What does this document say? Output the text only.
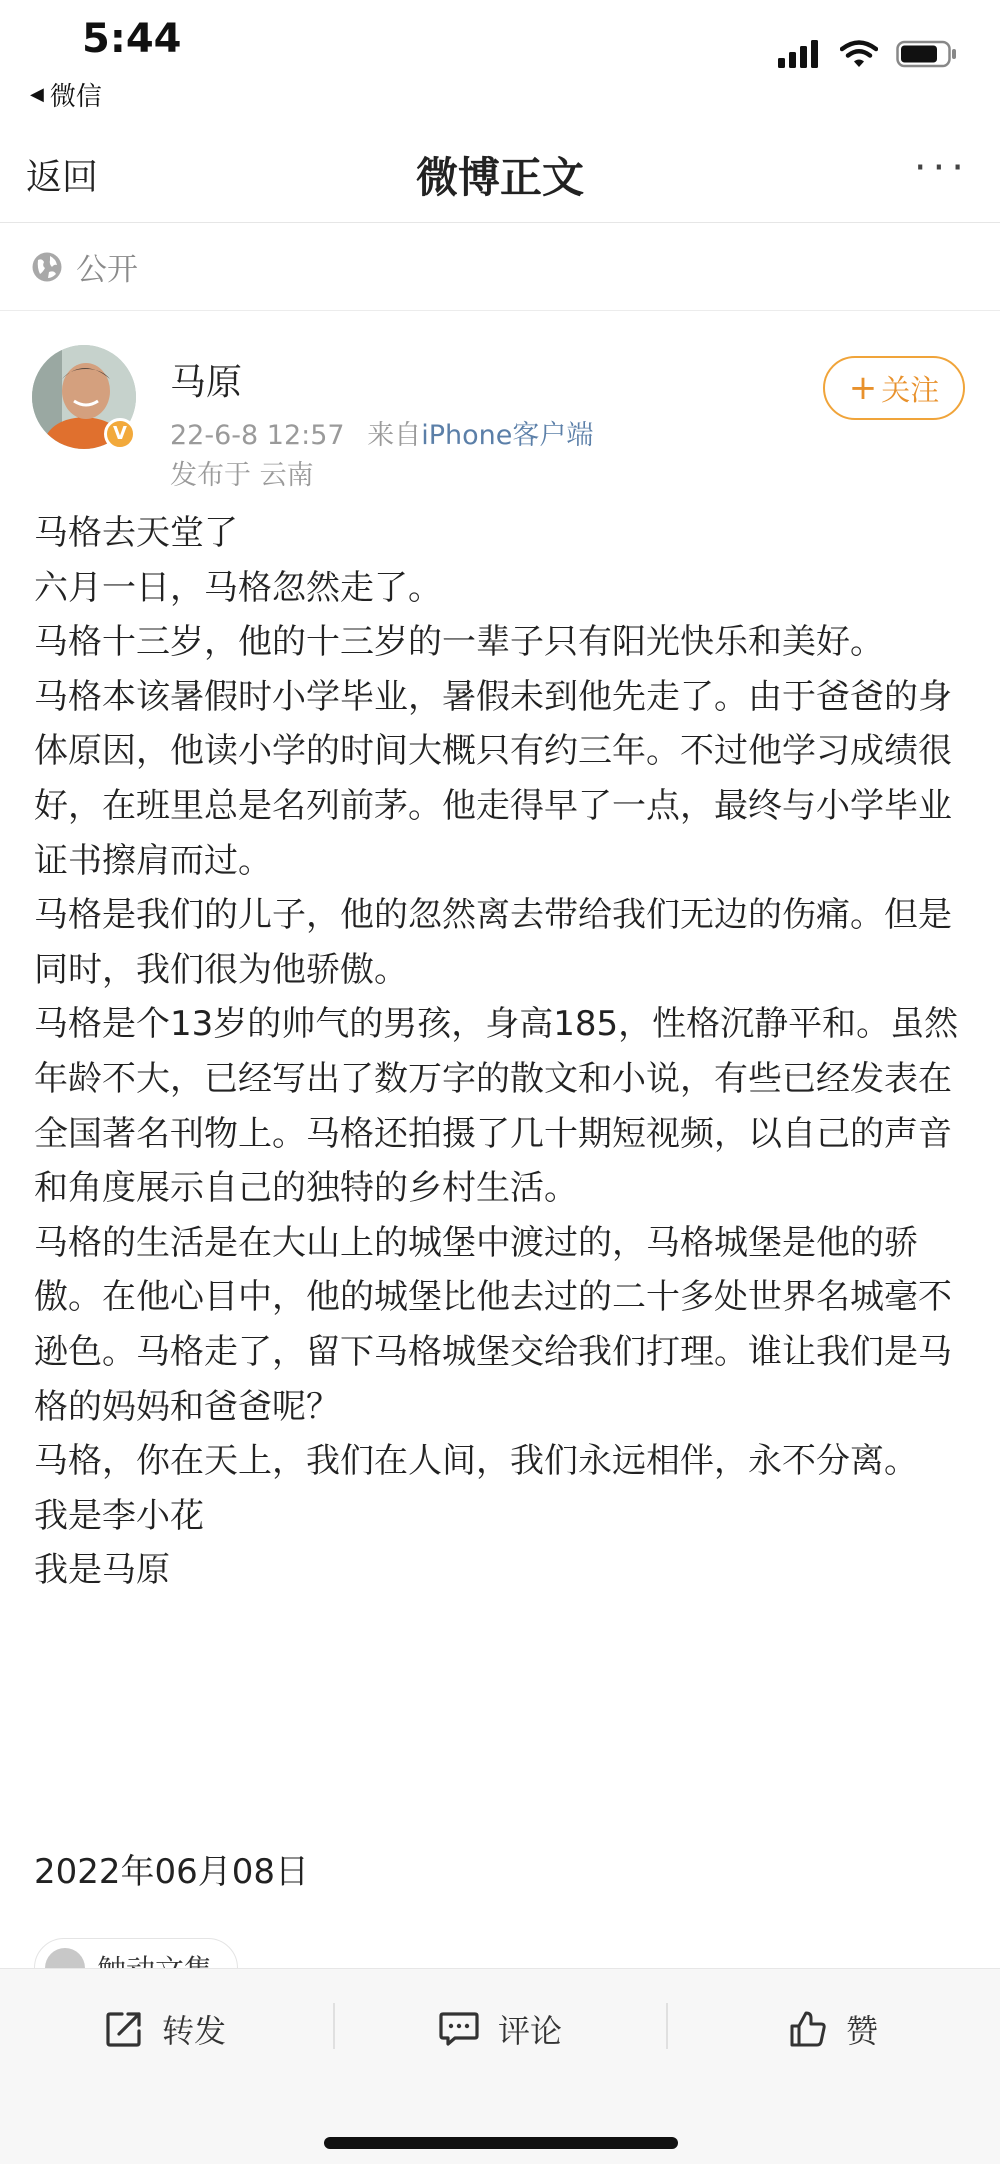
5:44
◀ 微信
返回	微博正文	···
公开
V
马原
22-6-8 12:57 来自iPhone客户端
发布于 云南
+ 关注

马格去天堂了

六月一日，马格忽然走了。

马格十三岁，他的十三岁的一辈子只有阳光快乐和美好。

马格本该暑假时小学毕业，暑假未到他先走了。由于爸爸的身体原因，他读小学的时间大概只有约三年。不过他学习成绩很好，在班里总是名列前茅。他走得早了一点，最终与小学毕业证书擦肩而过。

马格是我们的儿子，他的忽然离去带给我们无边的伤痛。但是同时，我们很为他骄傲。

马格是个13岁的帅气的男孩，身高185，性格沉静平和。虽然年龄不大，已经写出了数万字的散文和小说，有些已经发表在全国著名刊物上。马格还拍摄了几十期短视频，以自己的声音和角度展示自己的独特的乡村生活。

马格的生活是在大山上的城堡中渡过的，马格城堡是他的骄傲。在他心目中，他的城堡比他去过的二十多处世界名城毫不逊色。马格走了，留下马格城堡交给我们打理。谁让我们是马格的妈妈和爸爸呢？

马格，你在天上，我们在人间，我们永远相伴，永不分离。

我是李小花

我是马原

2022年06月08日
转发	评论	赞
